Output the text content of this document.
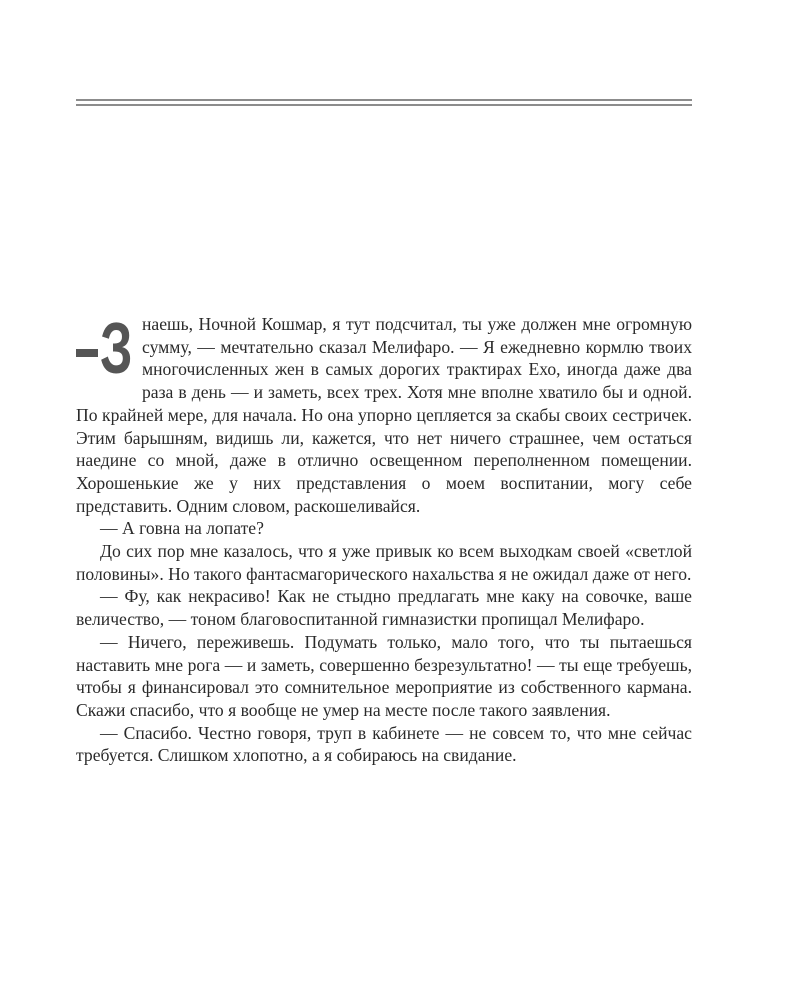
З наешь, Ночной Кошмар, я тут подсчитал, ты уже должен мне огромную сумму, — мечтательно сказал Мелифаро. — Я ежедневно кормлю твоих многочисленных жен в самых дорогих трактирах Ехо, иногда даже два раза в день — и заметь, всех трех. Хотя мне вполне хватило бы и одной. По крайней мере, для начала. Но она упорно цепляется за скабы своих сестричек. Этим барышням, видишь ли, кажется, что нет ничего страшнее, чем остаться наедине со мной, даже в отлично освещенном переполненном помещении. Хорошенькие же у них представления о моем воспитании, могу себе представить. Одним словом, раскошеливайся.

— А говна на лопате?

До сих пор мне казалось, что я уже привык ко всем выходкам своей «светлой половины». Но такого фантасмагорического нахальства я не ожидал даже от него.

— Фу, как некрасиво! Как не стыдно предлагать мне каку на совочке, ваше величество, — тоном благовоспитанной гимназистки пропищал Мелифаро.

— Ничего, переживешь. Подумать только, мало того, что ты пытаешься наставить мне рога — и заметь, совершенно безрезультатно! — ты еще требуешь, чтобы я финансировал это сомнительное мероприятие из собственного кармана. Скажи спасибо, что я вообще не умер на месте после такого заявления.

— Спасибо. Честно говоря, труп в кабинете — не совсем то, что мне сейчас требуется. Слишком хлопотно, а я собираюсь на свидание.
